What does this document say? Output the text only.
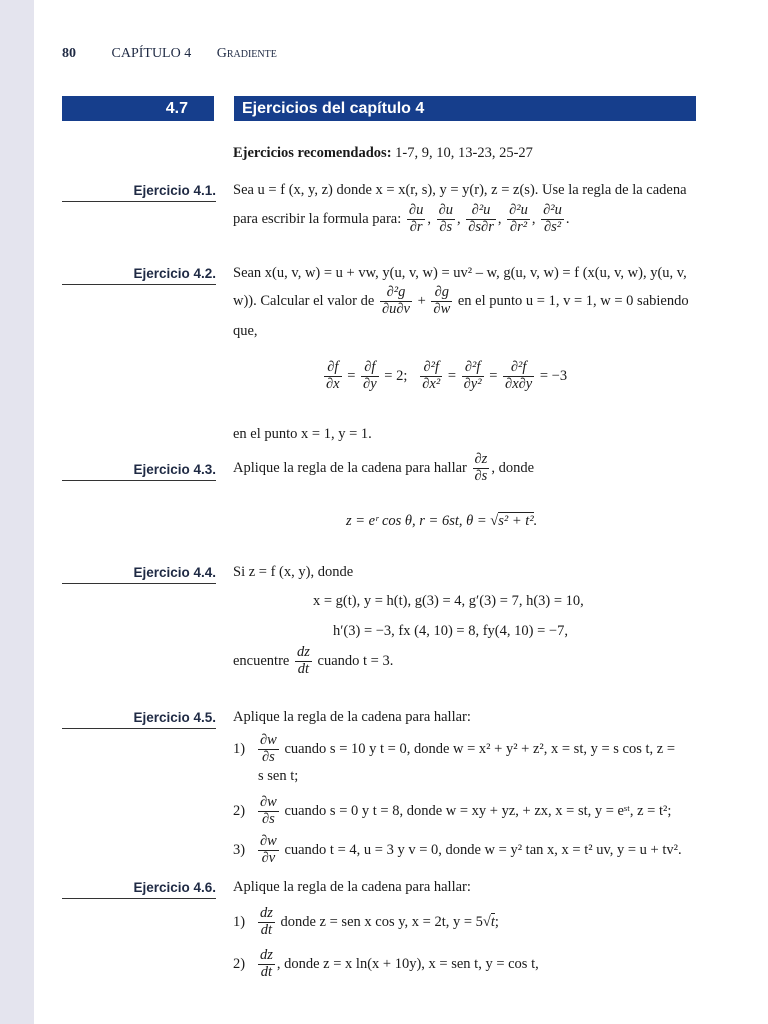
80	CAPÍTULO 4 Gradiente
4.7	Ejercicios del capítulo 4
Ejercicios recomendados: 1-7, 9, 10, 13-23, 25-27
Ejercicio 4.1. Sea u = f (x, y, z) donde x = x(r, s), y = y(r), z = z(s). Use la regla de la cadena
para escribir la formula para: $\frac{\partial u}{\partial r}$ , $\frac{\partial u}{\partial s}$ , $\frac{\text{∂²u}}{\partial s\partial r}$ , $\frac{\text{∂²u}}{\text{∂r²}}$ , $\frac{\text{∂²u}}{\text{∂s²}}$ .
Ejercicio 4.2. Sean x(u, v, w) = u + vw, y(u, v, w) = uv² – w, g(u, v, w) = f (x(u, v, w), y(u, v,
w)). Calcular el valor de $\frac{\text{∂²g}}{\partial u\partial v} + \frac{\partial g}{\partial w}$ en el punto u = 1, v = 1, w = 0 sabiendo
que,
$\frac{\partial f}{\partial x} = \frac{\partial f}{\partial y} = 2$; $\frac{\text{∂²f}}{\text{∂x²}} = \frac{\text{∂²f}}{\text{∂y²}} = \frac{\text{∂²f}}{\partial x\partial y} = -3$
en el punto x = 1, y = 1.
Ejercicio 4.3. Aplique la regla de la cadena para hallar $\frac{\partial z}{\partial s}$ , donde
z = eʳ cos θ, r = 6st, θ = √s² + t².
Ejercicio 4.4. Si z = f (x, y), donde
x = g(t), y = h(t), g(3) = 4, g′(3) = 7, h(3) = 10,
h′(3) = −3, fx (4, 10) = 8, fy(4, 10) = −7,
encuentre $\frac{dz}{dt}$ cuando t = 3.
Ejercicio 4.5. Aplique la regla de la cadena para hallar:
$1) \frac{\partial w}{\partial s}$ cuando s = 10 y t = 0, donde w = x² + y² + z², x = st, y = s cos t, z =
s sen t;
$2) \frac{\partial w}{\partial s}$ cuando s = 0 y t = 8, donde w = xy + yz, + zx, x = st, y = eˢᵗ, z = t²;
$3) \frac{\partial w}{\partial v}$ cuando t = 4, u = 3 y v = 0, donde w = y² tan x, x = t² uv, y = u + tv².
Ejercicio 4.6. Aplique la regla de la cadena para hallar:
$1) \frac{dz}{dt}$ donde z = sen x cos y, x = 2t, y = 5√t;
$2) \frac{dz}{dt}$ , donde z = x ln(x + 10y), x = sen t, y = cos t,
